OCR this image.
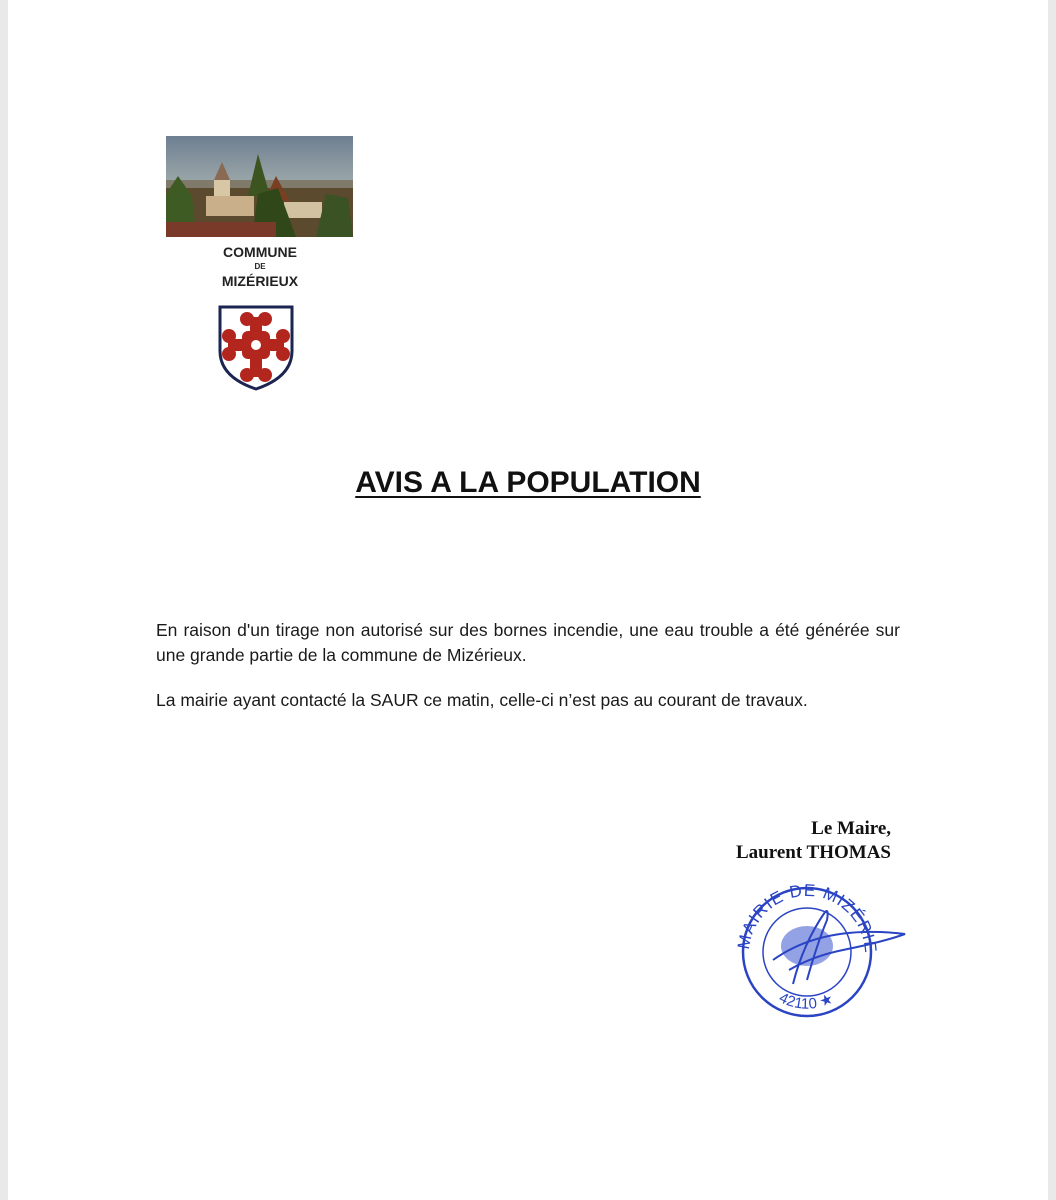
COMMUNE
DE
MIZÉRIEUX
AVIS A LA POPULATION

En raison d'un tirage non autorisé sur des bornes incendie, une eau trouble a été générée sur une grande partie de la commune de Mizérieux.

La mairie ayant contacté la SAUR ce matin, celle-ci n’est pas au courant de travaux.

Le Maire,
Laurent THOMAS
MAIRIE DE MIZÉRIE
42110 ★
